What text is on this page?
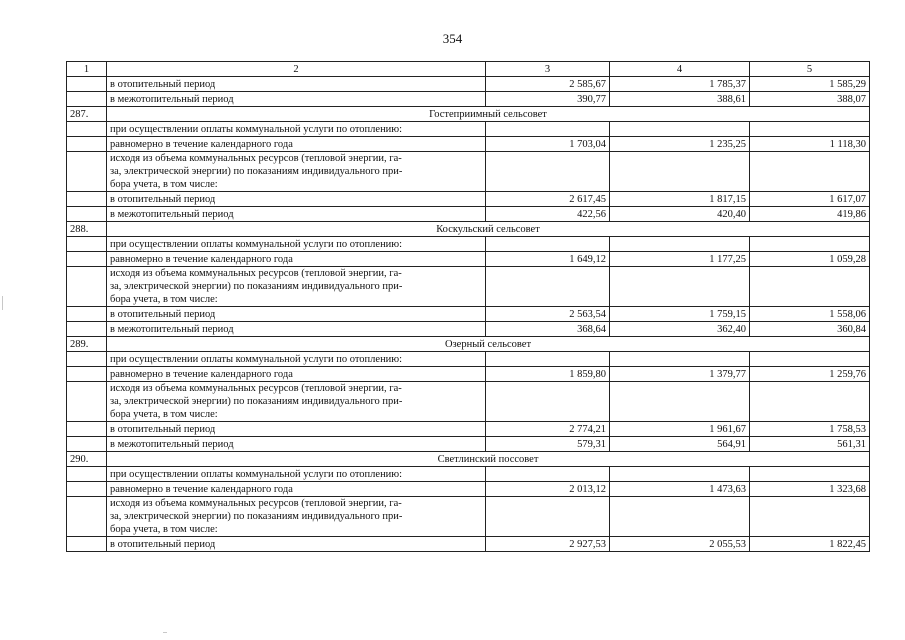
354
1	2	3	4	5
	в отопительный период	2 585,67	1 785,37	1 585,29
	в межотопительный период	390,77	388,61	388,07
287.	Гостеприимный сельсовет			
	при осуществлении оплаты коммунальной услуги по отоплению:			
	равномерно в течение календарного года	1 703,04	1 235,25	1 118,30

	исходя из объема коммунальных ресурсов (тепловой энергии, га-
за, электрической энергии) по показаниям индивидуального при-
бора учета, в том числе:			

	в отопительный период	2 617,45	1 817,15	1 617,07
	в межотопительный период	422,56	420,40	419,86
288.	Коскульский сельсовет			
	при осуществлении оплаты коммунальной услуги по отоплению:			
	равномерно в течение календарного года	1 649,12	1 177,25	1 059,28

	исходя из объема коммунальных ресурсов (тепловой энергии, га-
за, электрической энергии) по показаниям индивидуального при-
бора учета, в том числе:			

	в отопительный период	2 563,54	1 759,15	1 558,06
	в межотопительный период	368,64	362,40	360,84
289.	Озерный сельсовет			
	при осуществлении оплаты коммунальной услуги по отоплению:			
	равномерно в течение календарного года	1 859,80	1 379,77	1 259,76

	исходя из объема коммунальных ресурсов (тепловой энергии, га-
за, электрической энергии) по показаниям индивидуального при-
бора учета, в том числе:			

	в отопительный период	2 774,21	1 961,67	1 758,53
	в межотопительный период	579,31	564,91	561,31
290.	Светлинский поссовет			
	при осуществлении оплаты коммунальной услуги по отоплению:			
	равномерно в течение календарного года	2 013,12	1 473,63	1 323,68

	исходя из объема коммунальных ресурсов (тепловой энергии, га-
за, электрической энергии) по показаниям индивидуального при-
бора учета, в том числе:			

	в отопительный период	2 927,53	2 055,53	1 822,45
